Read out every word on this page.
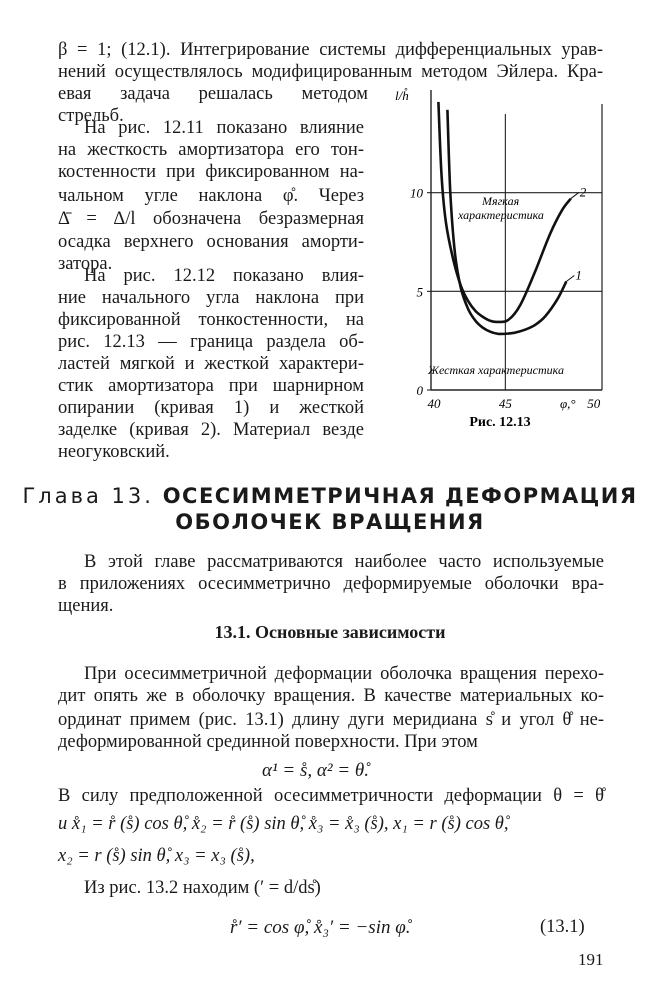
β = 1; (12.1). Интегрирование системы дифференциальных урав-
нений осуществлялось модифицированным методом Эйлера. Кра-
евая задача решалась методом
стрельб.
На рис. 12.11 показано влияние
на жесткость амортизатора его тон-
костенности при фиксированном на-
чальном угле наклона φ̊. Через
Δ̄ = Δ/l обозначена безразмерная
осадка верхнего основания аморти-
затора.
На рис. 12.12 показано влия-
ние начального угла наклона при
фиксированной тонкостенности, на
рис. 12.13 — граница раздела об-
ластей мягкой и жесткой характери-
стик амортизатора при шарнирном
опирании (кривая 1) и жесткой
заделке (кривая 2). Материал везде
неогуковский.
0
5
10
40	45	50
l/h̊
φ,°
1
2
Мягкая характеристика
Жесткая характеристика
Рис. 12.13
Глава 13. ОСЕСИММЕТРИЧНАЯ ДЕФОРМАЦИЯ
ОБОЛОЧЕК ВРАЩЕНИЯ
В этой главе рассматриваются наиболее часто используемые
в приложениях осесимметрично деформируемые оболочки вра-
щения.
13.1. Основные зависимости
При осесимметричной деформации оболочка вращения перехо-
дит опять же в оболочку вращения. В качестве материальных ко-
ординат примем (рис. 13.1) длину дуги меридиана s̊ и угол θ̊ не-
деформированной срединной поверхности. При этом
α¹ = s̊, α² = θ̊.
В силу предположенной осесимметричности деформации θ = θ̊
и x̊₁ = r̊ (s̊) cos θ̊, x̊₂ = r̊ (s̊) sin θ̊, x̊₃ = x̊₃ (s̊), x₁ = r (s̊) cos θ̊,
x₂ = r (s̊) sin θ̊, x₃ = x₃ (s̊),
Из рис. 13.2 находим (′ = d/ds̊)
r̊′ = cos φ̊, x̊₃′ = −sin φ̊.	(13.1)
191
